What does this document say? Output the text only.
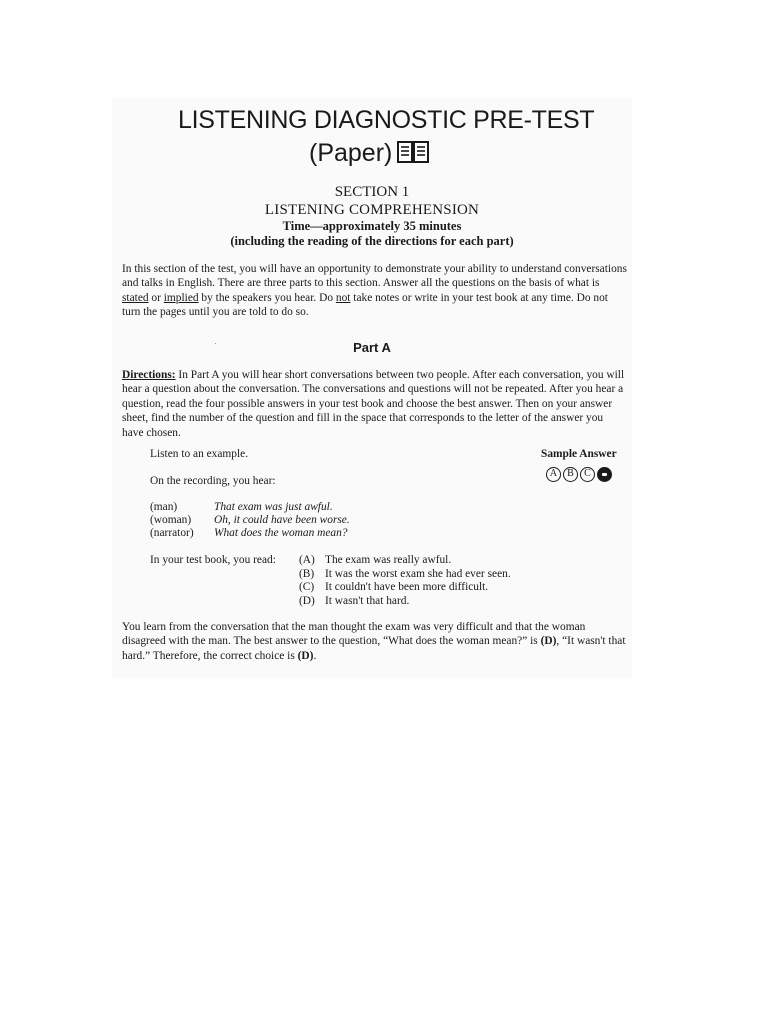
LISTENING DIAGNOSTIC PRE-TEST
(Paper)
SECTION 1
LISTENING COMPREHENSION
Time—approximately 35 minutes
(including the reading of the directions for each part)
In this section of the test, you will have an opportunity to demonstrate your ability to understand conversations and talks in English. There are three parts to this section. Answer all the questions on the basis of what is stated or implied by the speakers you hear. Do not take notes or write in your test book at any time. Do not turn the pages until you are told to do so.
Part A
Directions: In Part A you will hear short conversations between two people. After each conversation, you will hear a question about the conversation. The conversations and questions will not be repeated. After you hear a question, read the four possible answers in your test book and choose the best answer. Then on your answer sheet, find the number of the question and fill in the space that corresponds to the letter of the answer you have chosen.
Listen to an example.	Sample Answer
A	B	C
On the recording, you hear:
(man)	That exam was just awful.
(woman) Oh, it could have been worse.
(narrator) What does the woman mean?
In your test book, you read: (A) The exam was really awful.
(B) It was the worst exam she had ever seen.
(C) It couldn't have been more difficult.
(D) It wasn't that hard.
You learn from the conversation that the man thought the exam was very difficult and that the woman disagreed with the man. The best answer to the question, “What does the woman mean?” is (D), “It wasn't that hard.” Therefore, the correct choice is (D).
